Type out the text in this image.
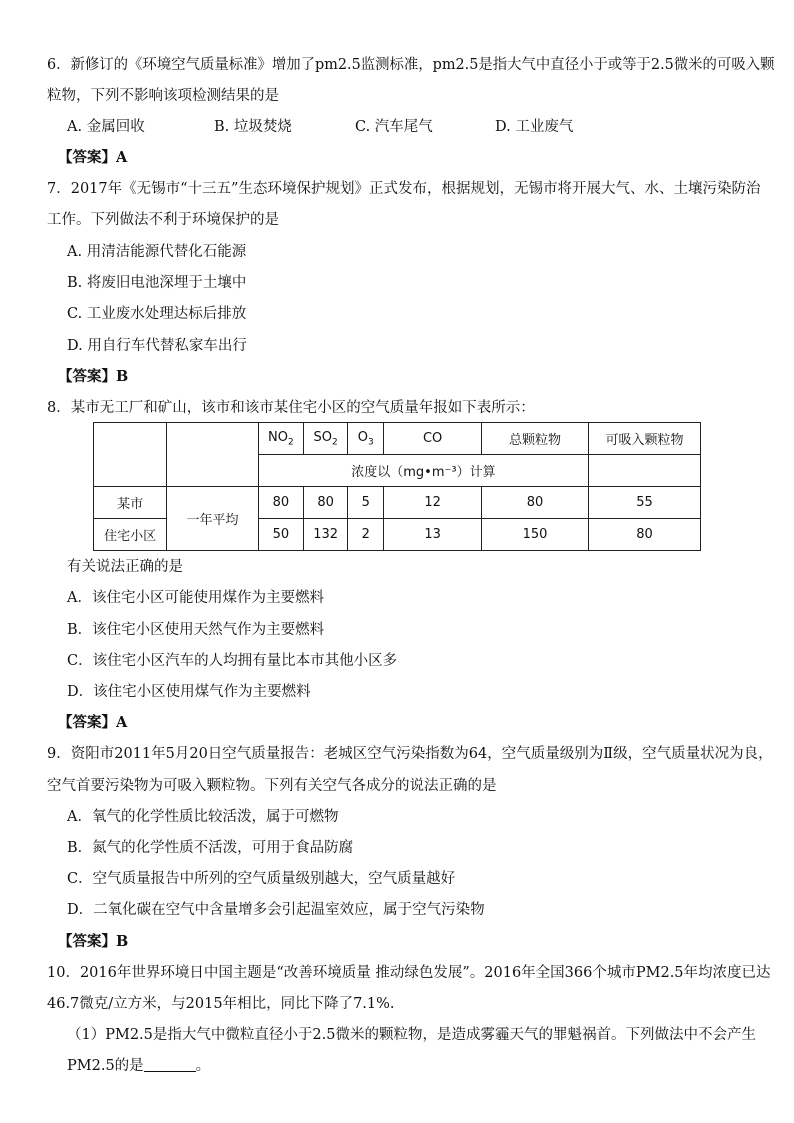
6．新修订的《环境空气质量标准》增加了pm2.5监测标准，pm2.5是指大气中直径小于或等于2.5微米的可吸入颗
粒物，下列不影响该项检测结果的是
A. 金属回收	B. 垃圾焚烧	C. 汽车尾气	D. 工业废气
【答案】A
7．2017年《无锡市“十三五”生态环境保护规划》正式发布，根据规划，无锡市将开展大气、水、土壤污染防治
工作。下列做法不利于环境保护的是
A. 用清洁能源代替化石能源
B. 将废旧电池深埋于土壤中
C. 工业废水处理达标后排放
D. 用自行车代替私家车出行
【答案】B
8．某市无工厂和矿山，该市和该市某住宅小区的空气质量年报如下表所示：
		$NO_2$	$SO_2$	$O_3$	CO	总颗粒物	可吸入颗粒物
		浓度以（mg•m⁻³）计算					
某市	一年平均	80	80	5	12	80	55
住宅小区		50	132	2	13	150	80
有关说法正确的是
A．该住宅小区可能使用煤作为主要燃料
B．该住宅小区使用天然气作为主要燃料
C．该住宅小区汽车的人均拥有量比本市其他小区多
D．该住宅小区使用煤气作为主要燃料
【答案】A
9．资阳市2011年5月20日空气质量报告：老城区空气污染指数为64，空气质量级别为Ⅱ级，空气质量状况为良，
空气首要污染物为可吸入颗粒物。下列有关空气各成分的说法正确的是
A．氧气的化学性质比较活泼，属于可燃物
B．氮气的化学性质不活泼，可用于食品防腐
C．空气质量报告中所列的空气质量级别越大，空气质量越好
D．二氧化碳在空气中含量增多会引起温室效应，属于空气污染物
【答案】B
10．2016年世界环境日中国主题是“改善环境质量 推动绿色发展”。2016年全国366个城市PM2.5年均浓度已达
46.7微克/立方米，与2015年相比，同比下降了7.1%.
（1）PM2.5是指大气中微粒直径小于2.5微米的颗粒物，是造成雾霾天气的罪魁祸首。下列做法中不会产生
PM2.5的是	。
